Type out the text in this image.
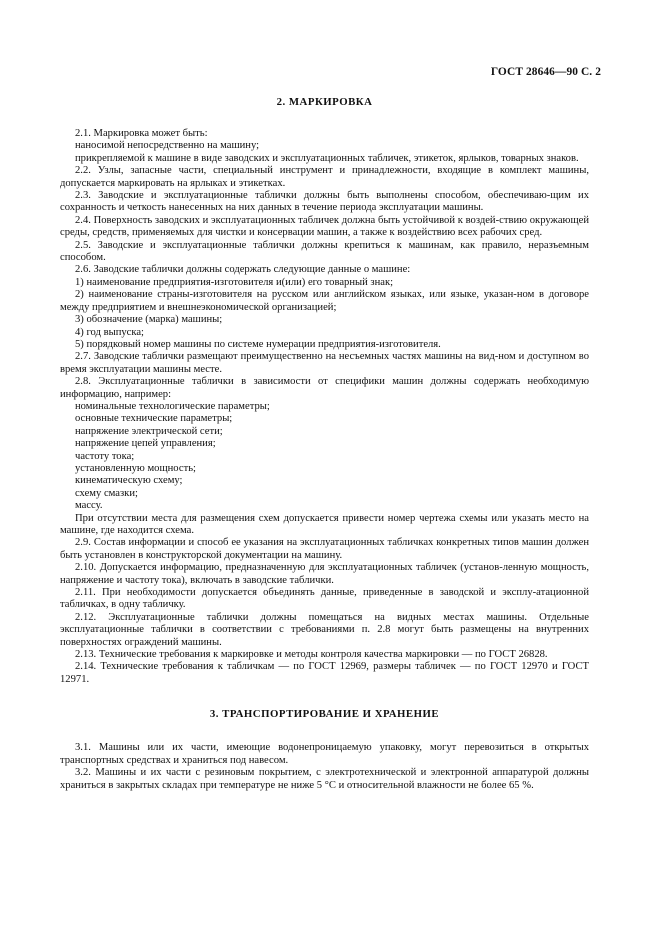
ГОСТ 28646—90 С. 2
2. МАРКИРОВКА

2.1. Маркировка может быть:

наносимой непосредственно на машину;

прикрепляемой к машине в виде заводских и эксплуатационных табличек, этикеток, ярлыков, товарных знаков.

2.2. Узлы, запасные части, специальный инструмент и принадлежности, входящие в комплект машины, допускается маркировать на ярлыках и этикетках.

2.3. Заводские и эксплуатационные таблички должны быть выполнены способом, обеспечиваю-щим их сохранность и четкость нанесенных на них данных в течение периода эксплуатации машины.

2.4. Поверхность заводских и эксплуатационных табличек должна быть устойчивой к воздей-ствию окружающей среды, средств, применяемых для чистки и консервации машин, а также к воздействию всех рабочих сред.

2.5. Заводские и эксплуатационные таблички должны крепиться к машинам, как правило, неразъемным способом.

2.6. Заводские таблички должны содержать следующие данные о машине:

1) наименование предприятия-изготовителя и(или) его товарный знак;

2) наименование страны-изготовителя на русском или английском языках, или языке, указан-ном в договоре между предприятием и внешнеэкономической организацией;

3) обозначение (марка) машины;

4) год выпуска;

5) порядковый номер машины по системе нумерации предприятия-изготовителя.

2.7. Заводские таблички размещают преимущественно на несъемных частях машины на вид-ном и доступном во время эксплуатации машины месте.

2.8. Эксплуатационные таблички в зависимости от специфики машин должны содержать необходимую информацию, например:

номинальные технологические параметры;

основные технические параметры;

напряжение электрической сети;

напряжение цепей управления;

частоту тока;

установленную мощность;

кинематическую схему;

схему смазки;

массу.

При отсутствии места для размещения схем допускается привести номер чертежа схемы или указать место на машине, где находится схема.

2.9. Состав информации и способ ее указания на эксплуатационных табличках конкретных типов машин должен быть установлен в конструкторской документации на машину.

2.10. Допускается информацию, предназначенную для эксплуатационных табличек (установ-ленную мощность, напряжение и частоту тока), включать в заводские таблички.

2.11. При необходимости допускается объединять данные, приведенные в заводской и эксплу-атационной табличках, в одну табличку.

2.12. Эксплуатационные таблички должны помещаться на видных местах машины. Отдельные эксплуатационные таблички в соответствии с требованиями п. 2.8 могут быть размещены на внутренних поверхностях ограждений машины.

2.13. Технические требования к маркировке и методы контроля качества маркировки — по ГОСТ 26828.

2.14. Технические требования к табличкам — по ГОСТ 12969, размеры табличек — по ГОСТ 12970 и ГОСТ 12971.

3. ТРАНСПОРТИРОВАНИЕ И ХРАНЕНИЕ

3.1. Машины или их части, имеющие водонепроницаемую упаковку, могут перевозиться в открытых транспортных средствах и храниться под навесом.

3.2. Машины и их части с резиновым покрытием, с электротехнической и электронной аппаратурой должны храниться в закрытых складах при температуре не ниже 5 °С и относительной влажности не более 65 %.
